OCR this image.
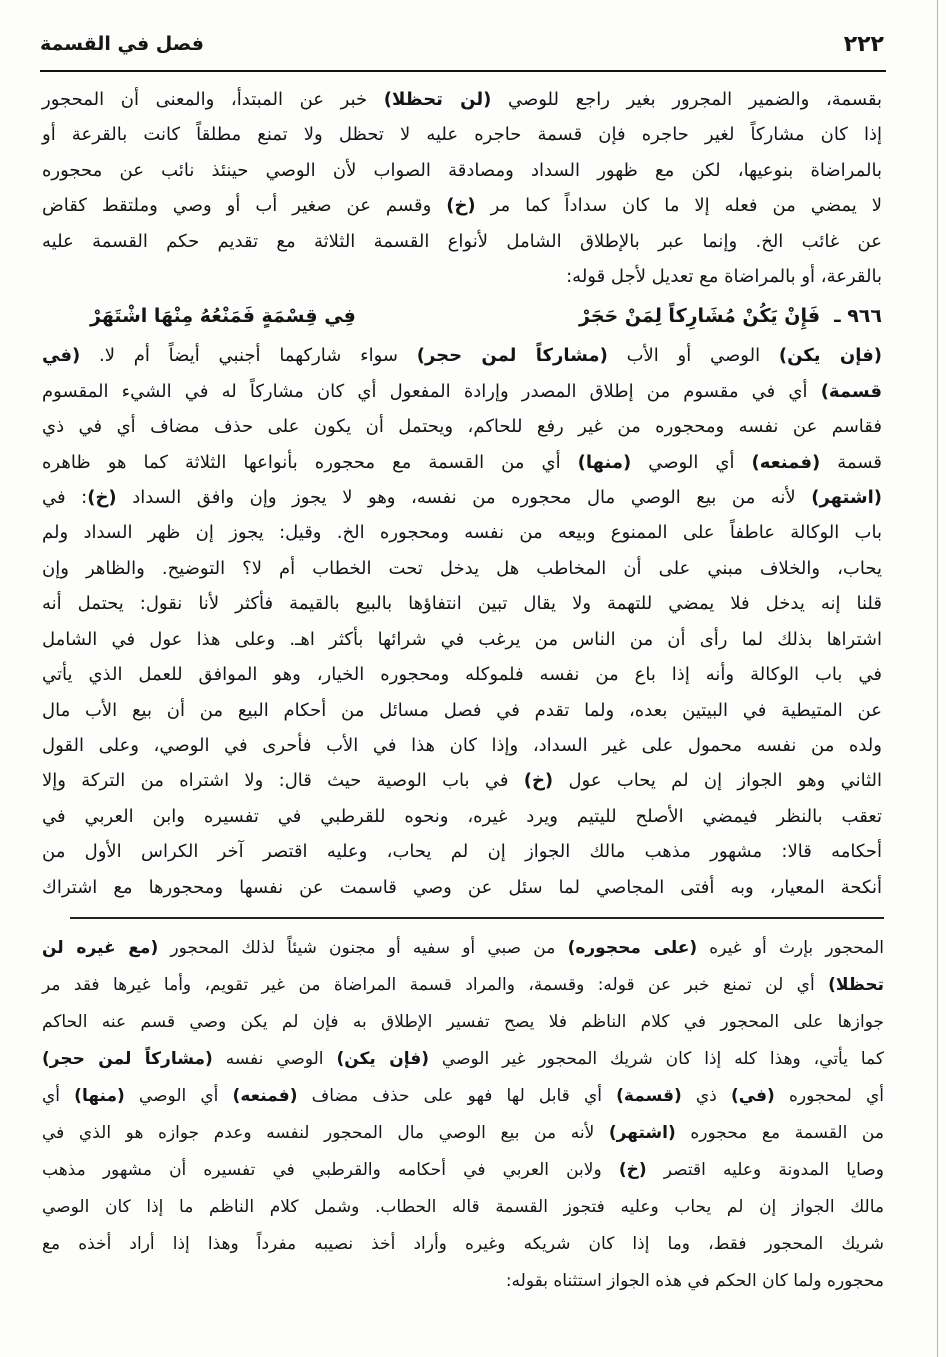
٢٢٢
فصل في القسمة
بقسمة، والضمير المجرور بغير راجع للوصي (لن تحظلا) خبر عن المبتدأ، والمعنى أن المحجور
إذا كان مشاركاً لغير حاجره فإن قسمة حاجره عليه لا تحظل ولا تمنع مطلقاً كانت بالقرعة أو
بالمراضاة بنوعيها، لكن مع ظهور السداد ومصادقة الصواب لأن الوصي حينئذ نائب عن محجوره
لا يمضي من فعله إلا ما كان سداداً كما مر (خ) وقسم عن صغير أب أو وصي وملتقط كقاض
عن غائب الخ. وإنما عبر بالإطلاق الشامل لأنواع القسمة الثلاثة مع تقديم حكم القسمة عليه
بالقرعة، أو بالمراضاة مع تعديل لأجل قوله:
٩٦٦ ـ
فَإِنْ يَكُنْ مُشَارِكاً لِمَنْ حَجَرْ
فِي قِسْمَةٍ فَمَنْعُهُ مِنْهَا اشْتَهَرْ
(فإن يكن) الوصي أو الأب (مشاركاً لمن حجر) سواء شاركهما أجنبي أيضاً أم لا. (في
قسمة) أي في مقسوم من إطلاق المصدر وإرادة المفعول أي كان مشاركاً له في الشيء المقسوم
فقاسم عن نفسه ومحجوره من غير رفع للحاكم، ويحتمل أن يكون على حذف مضاف أي في ذي
قسمة (فمنعه) أي الوصي (منها) أي من القسمة مع محجوره بأنواعها الثلاثة كما هو ظاهره
(اشتهر) لأنه من بيع الوصي مال محجوره من نفسه، وهو لا يجوز وإن وافق السداد (خ): في
باب الوكالة عاطفاً على الممنوع وبيعه من نفسه ومحجوره الخ. وقيل: يجوز إن ظهر السداد ولم
يحاب، والخلاف مبني على أن المخاطب هل يدخل تحت الخطاب أم لا؟ التوضيح. والظاهر وإن
قلنا إنه يدخل فلا يمضي للتهمة ولا يقال تبين انتفاؤها بالبيع بالقيمة فأكثر لأنا نقول: يحتمل أنه
اشتراها بذلك لما رأى أن من الناس من يرغب في شرائها بأكثر اهـ. وعلى هذا عول في الشامل
في باب الوكالة وأنه إذا باع من نفسه فلموكله ومحجوره الخيار، وهو الموافق للعمل الذي يأتي
عن المتيطية في البيتين بعده، ولما تقدم في فصل مسائل من أحكام البيع من أن بيع الأب مال
ولده من نفسه محمول على غير السداد، وإذا كان هذا في الأب فأحرى في الوصي، وعلى القول
الثاني وهو الجواز إن لم يحاب عول (خ) في باب الوصية حيث قال: ولا اشتراه من التركة وإلا
تعقب بالنظر فيمضي الأصلح لليتيم ويرد غيره، ونحوه للقرطبي في تفسيره وابن العربي في
أحكامه قالا: مشهور مذهب مالك الجواز إن لم يحاب، وعليه اقتصر آخر الكراس الأول من
أنكحة المعيار، وبه أفتى المجاصي لما سئل عن وصي قاسمت عن نفسها ومحجورها مع اشتراك
المحجور بإرث أو غيره (على محجوره) من صبي أو سفيه أو مجنون شيئاً لذلك المحجور (مع غيره لن
تحظلا) أي لن تمنع خبر عن قوله: وقسمة، والمراد قسمة المراضاة من غير تقويم، وأما غيرها فقد مر
جوازها على المحجور في كلام الناظم فلا يصح تفسير الإطلاق به فإن لم يكن وصي قسم عنه الحاكم
كما يأتي، وهذا كله إذا كان شريك المحجور غير الوصي (فإن يكن) الوصي نفسه (مشاركاً لمن حجر)
أي لمحجوره (في) ذي (قسمة) أي قابل لها فهو على حذف مضاف (فمنعه) أي الوصي (منها) أي
من القسمة مع محجوره (اشتهر) لأنه من بيع الوصي مال المحجور لنفسه وعدم جوازه هو الذي في
وصايا المدونة وعليه اقتصر (خ) ولابن العربي في أحكامه والقرطبي في تفسيره أن مشهور مذهب
مالك الجواز إن لم يحاب وعليه فتجوز القسمة قاله الحطاب. وشمل كلام الناظم ما إذا كان الوصي
شريك المحجور فقط، وما إذا كان شريكه وغيره وأراد أخذ نصيبه مفرداً وهذا إذا أراد أخذه مع
محجوره ولما كان الحكم في هذه الجواز استثناه بقوله:
